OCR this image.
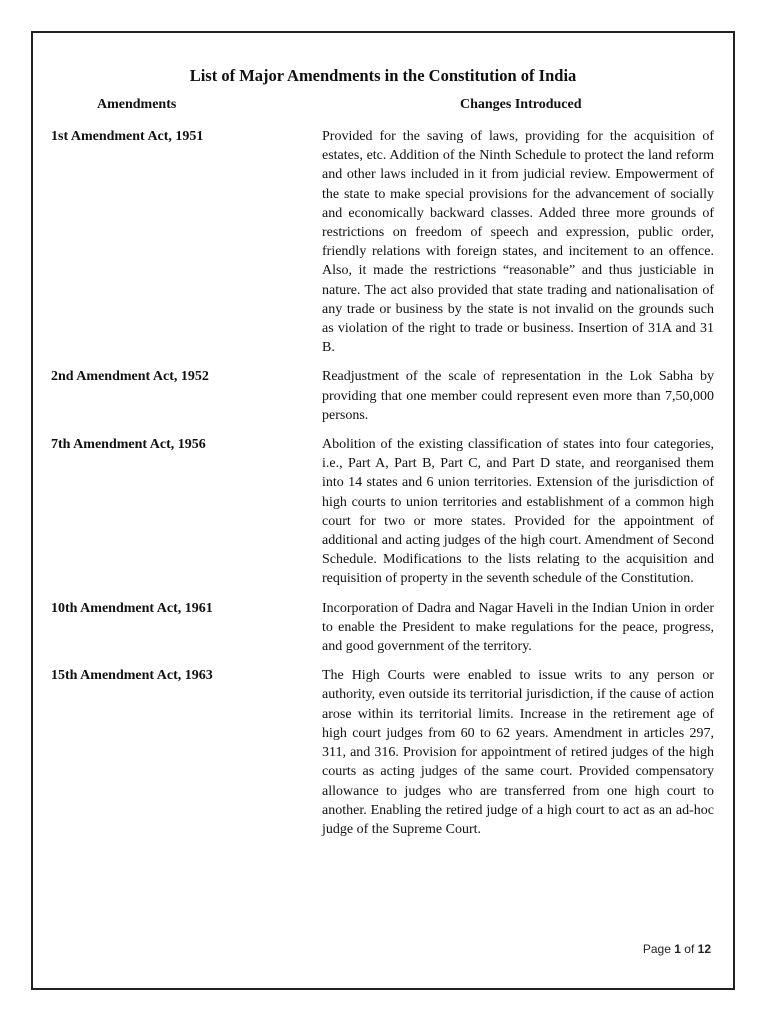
List of Major Amendments in the Constitution of India
Amendments	Changes Introduced
1st Amendment Act, 1951	Provided for the saving of laws, providing for the acquisition of estates, etc. Addition of the Ninth Schedule to protect the land reform and other laws included in it from judicial review. Empowerment of the state to make special provisions for the advancement of socially and economically backward classes. Added three more grounds of restrictions on freedom of speech and expression, public order, friendly relations with foreign states, and incitement to an offence. Also, it made the restrictions “reasonable” and thus justiciable in nature. The act also provided that state trading and nationalisation of any trade or business by the state is not invalid on the grounds such as violation of the right to trade or business. Insertion of 31A and 31 B.
2nd Amendment Act, 1952	Readjustment of the scale of representation in the Lok Sabha by providing that one member could represent even more than 7,50,000 persons.
7th Amendment Act, 1956	Abolition of the existing classification of states into four categories, i.e., Part A, Part B, Part C, and Part D state, and reorganised them into 14 states and 6 union territories. Extension of the jurisdiction of high courts to union territories and establishment of a common high court for two or more states. Provided for the appointment of additional and acting judges of the high court. Amendment of Second Schedule. Modifications to the lists relating to the acquisition and requisition of property in the seventh schedule of the Constitution.
10th Amendment Act, 1961	Incorporation of Dadra and Nagar Haveli in the Indian Union in order to enable the President to make regulations for the peace, progress, and good government of the territory.
15th Amendment Act, 1963	The High Courts were enabled to issue writs to any person or authority, even outside its territorial jurisdiction, if the cause of action arose within its territorial limits. Increase in the retirement age of high court judges from 60 to 62 years. Amendment in articles 297, 311, and 316. Provision for appointment of retired judges of the high courts as acting judges of the same court. Provided compensatory allowance to judges who are transferred from one high court to another. Enabling the retired judge of a high court to act as an ad-hoc judge of the Supreme Court.
Page 1 of 12
